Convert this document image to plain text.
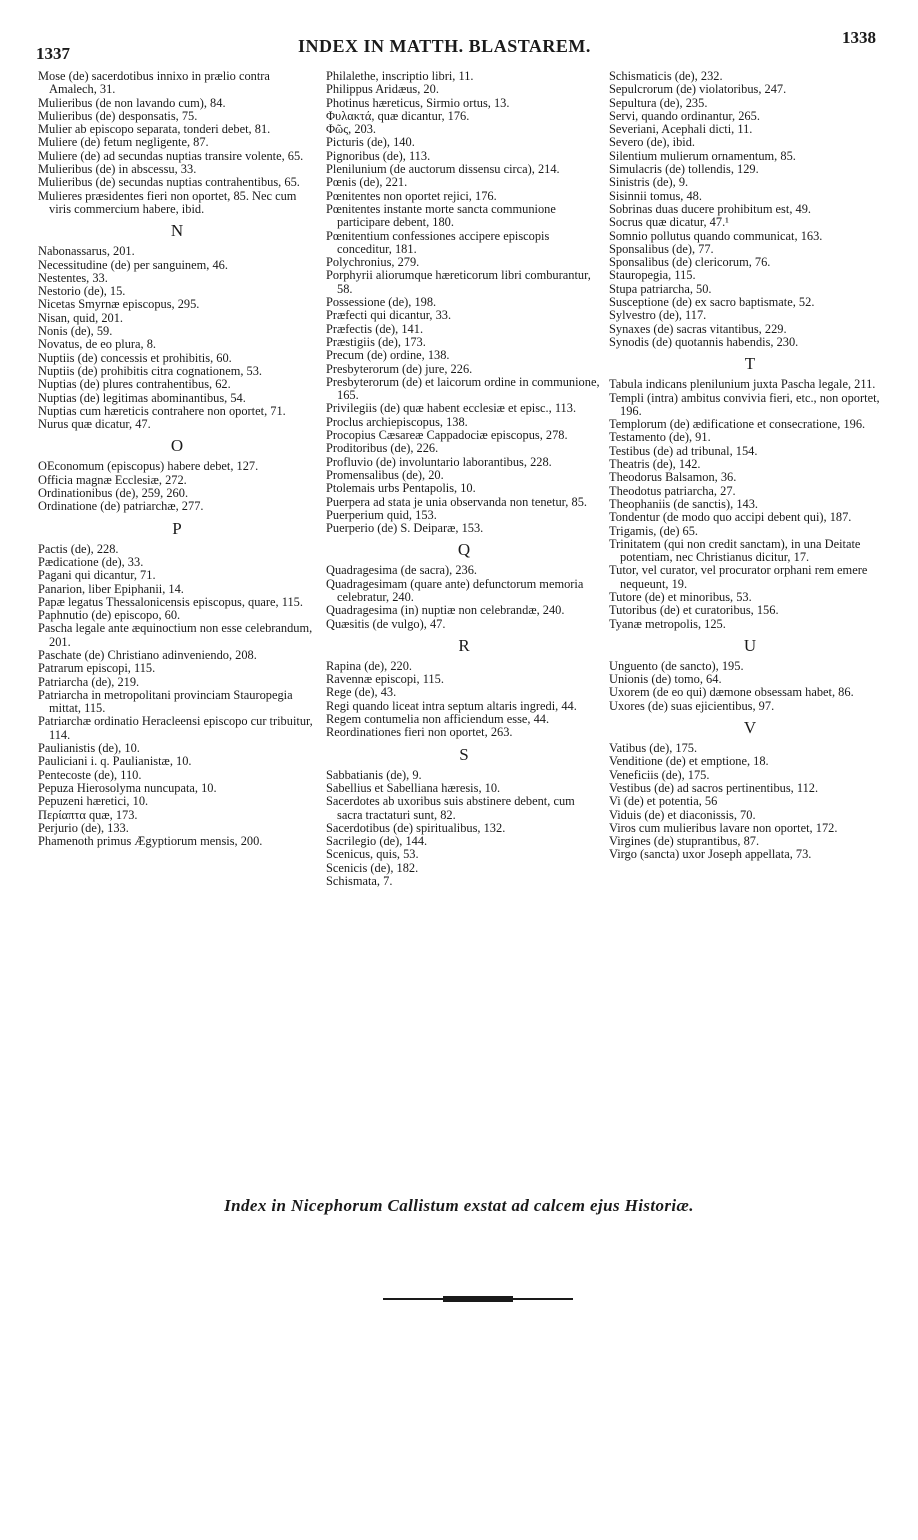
1337	INDEX IN MATTH. BLASTAREM.	1338

Mose (de) sacerdotibus innixo in prælio contra Amalech, 31.

Mulieribus (de non lavando cum), 84.

Mulieribus (de) desponsatis, 75.

Mulier ab episcopo separata, tonderi debet, 81.

Muliere (de) fetum negligente, 87.

Muliere (de) ad secundas nuptias transire volente, 65.

Mulieribus (de) in abscessu, 33.

Mulieribus (de) secundas nuptias contrahentibus, 65.

Mulieres præsidentes fieri non oportet, 85. Nec cum viris commercium habere, ibid.

N

Nabonassarus, 201.

Necessitudine (de) per sanguinem, 46.

Nestentes, 33.

Nestorio (de), 15.

Nicetas Smyrnæ episcopus, 295.

Nisan, quid, 201.

Nonis (de), 59.

Novatus, de eo plura, 8.

Nuptiis (de) concessis et prohibitis, 60.

Nuptiis (de) prohibitis citra cognationem, 53.

Nuptias (de) plures contrahentibus, 62.

Nuptias (de) legitimas abominantibus, 54.

Nuptias cum hæreticis contrahere non oportet, 71.

Nurus quæ dicatur, 47.

O

OEconomum (episcopus) habere debet, 127.

Officia magnæ Ecclesiæ, 272.

Ordinationibus (de), 259, 260.

Ordinatione (de) patriarchæ, 277.

P

Pactis (de), 228.

Pædicatione (de), 33.

Pagani qui dicantur, 71.

Panarion, liber Epiphanii, 14.

Papæ legatus Thessalonicensis episcopus, quare, 115.

Paphnutio (de) episcopo, 60.

Pascha legale ante æquinoctium non esse celebrandum, 201.

Paschate (de) Christiano adinveniendo, 208.

Patrarum episcopi, 115.

Patriarcha (de), 219.

Patriarcha in metropolitani provinciam Stauropegia mittat, 115.

Patriarchæ ordinatio Heracleensi episcopo cur tribuitur, 114.

Paulianistis (de), 10.

Pauliciani i. q. Paulianistæ, 10.

Pentecoste (de), 110.

Pepuza Hierosolyma nuncupata, 10.

Pepuzeni hæretici, 10.

Περίαπτα quæ, 173.

Perjurio (de), 133.

Phamenoth primus Ægyptiorum mensis, 200.

Philalethe, inscriptio libri, 11.

Philippus Aridæus, 20.

Photinus hæreticus, Sirmio ortus, 13.

Φυλακτά, quæ dicantur, 176.

Φῶς, 203.

Picturis (de), 140.

Pignoribus (de), 113.

Plenilunium (de auctorum dissensu circa), 214.

Pœnis (de), 221.

Pœnitentes non oportet rejici, 176.

Pœnitentes instante morte sancta communione participare debent, 180.

Pœnitentium confessiones accipere episcopis conceditur, 181.

Polychronius, 279.

Porphyrii aliorumque hæreticorum libri comburantur, 58.

Possessione (de), 198.

Præfecti qui dicantur, 33.

Præfectis (de), 141.

Præstigiis (de), 173.

Precum (de) ordine, 138.

Presbyterorum (de) jure, 226.

Presbyterorum (de) et laicorum ordine in communione, 165.

Privilegiis (de) quæ habent ecclesiæ et episc., 113.

Proclus archiepiscopus, 138.

Procopius Cæsareæ Cappadociæ episcopus, 278.

Proditoribus (de), 226.

Profluvio (de) involuntario laborantibus, 228.

Promensalibus (de), 20.

Ptolemais urbs Pentapolis, 10.

Puerpera ad stata je unia observanda non tenetur, 85.

Puerperium quid, 153.

Puerperio (de) S. Deiparæ, 153.

Q

Quadragesima (de sacra), 236.

Quadragesimam (quare ante) defunctorum memoria celebratur, 240.

Quadragesima (in) nuptiæ non celebrandæ, 240.

Quæsitis (de vulgo), 47.

R

Rapina (de), 220.

Ravennæ episcopi, 115.

Rege (de), 43.

Regi quando liceat intra septum altaris ingredi, 44.

Regem contumelia non afficiendum esse, 44.

Reordinationes fieri non oportet, 263.

S

Sabbatianis (de), 9.

Sabellius et Sabelliana hæresis, 10.

Sacerdotes ab uxoribus suis abstinere debent, cum sacra tractaturi sunt, 82.

Sacerdotibus (de) spiritualibus, 132.

Sacrilegio (de), 144.

Scenicus, quis, 53.

Scenicis (de), 182.

Schismata, 7.

Schismaticis (de), 232.

Sepulcrorum (de) violatoribus, 247.

Sepultura (de), 235.

Servi, quando ordinantur, 265.

Severiani, Acephali dicti, 11.

Severo (de), ibid.

Silentium mulierum ornamentum, 85.

Simulacris (de) tollendis, 129.

Sinistris (de), 9.

Sisinnii tomus, 48.

Sobrinas duas ducere prohibitum est, 49.

Socrus quæ dicatur, 47.¹

Somnio pollutus quando communicat, 163.

Sponsalibus (de), 77.

Sponsalibus (de) clericorum, 76.

Stauropegia, 115.

Stupa patriarcha, 50.

Susceptione (de) ex sacro baptismate, 52.

Sylvestro (de), 117.

Synaxes (de) sacras vitantibus, 229.

Synodis (de) quotannis habendis, 230.

T

Tabula indicans plenilunium juxta Pascha legale, 211.

Templi (intra) ambitus convivia fieri, etc., non oportet, 196.

Templorum (de) ædificatione et consecratione, 196.

Testamento (de), 91.

Testibus (de) ad tribunal, 154.

Theatris (de), 142.

Theodorus Balsamon, 36.

Theodotus patriarcha, 27.

Theophaniis (de sanctis), 143.

Tondentur (de modo quo accipi debent qui), 187.

Trigamis, (de) 65.

Trinitatem (qui non credit sanctam), in una Deitate potentiam, nec Christianus dicitur, 17.

Tutor, vel curator, vel procurator orphani rem emere nequeunt, 19.

Tutore (de) et minoribus, 53.

Tutoribus (de) et curatoribus, 156.

Tyanæ metropolis, 125.

U

Unguento (de sancto), 195.

Unionis (de) tomo, 64.

Uxorem (de eo qui) dæmone obsessam habet, 86.

Uxores (de) suas ejicientibus, 97.

V

Vatibus (de), 175.

Venditione (de) et emptione, 18.

Veneficiis (de), 175.

Vestibus (de) ad sacros pertinentibus, 112.

Vi (de) et potentia, 56

Viduis (de) et diaconissis, 70.

Viros cum mulieribus lavare non oportet, 172.

Virgines (de) stuprantibus, 87.

Virgo (sancta) uxor Joseph appellata, 73.

Index in Nicephorum Callistum exstat ad calcem ejus Historiæ.
